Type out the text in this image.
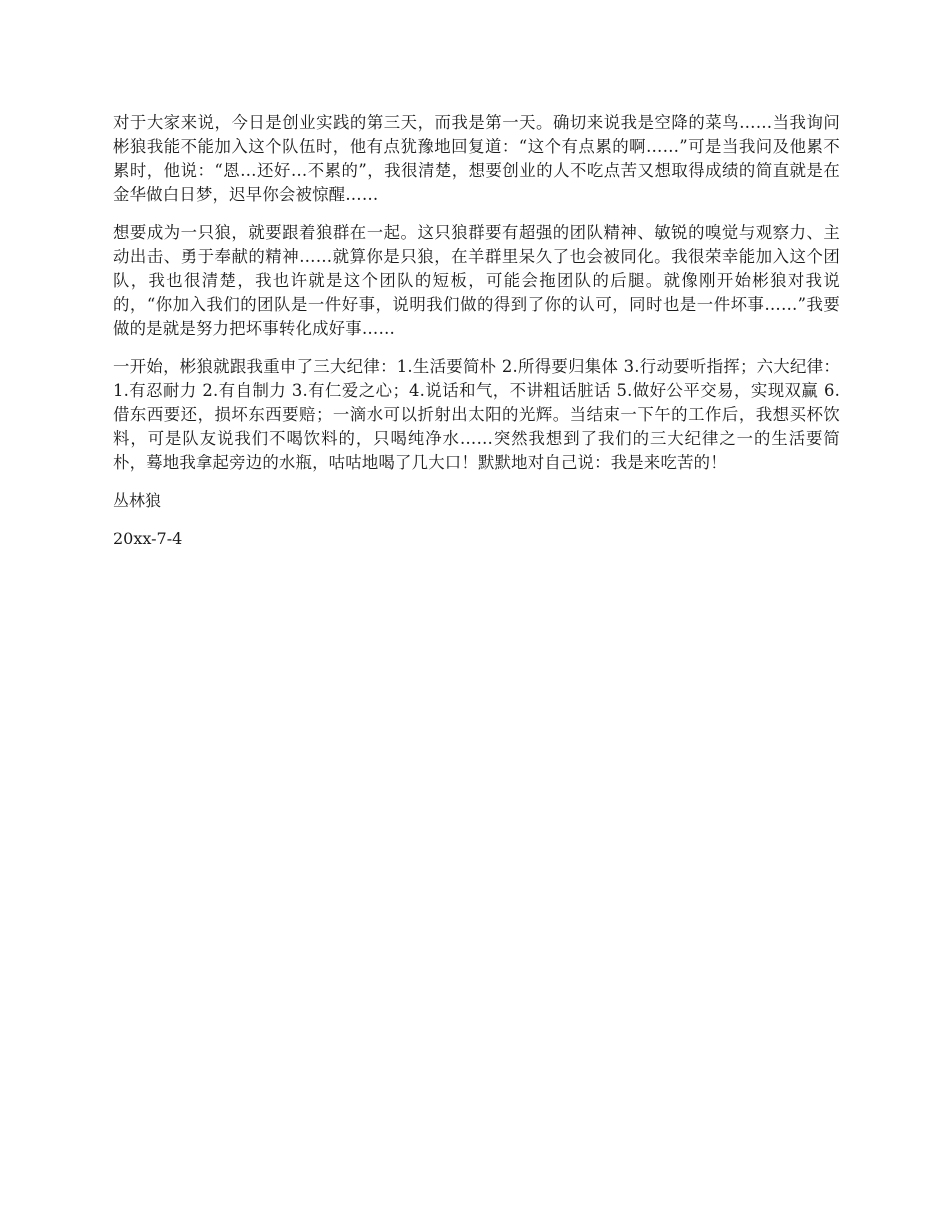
对于大家来说，今日是创业实践的第三天，而我是第一天。确切来说我是空降的菜鸟……当我询问彬狼我能不能加入这个队伍时，他有点犹豫地回复道：“这个有点累的啊……”可是当我问及他累不累时，他说：“恩…还好…不累的”，我很清楚，想要创业的人不吃点苦又想取得成绩的简直就是在金华做白日梦，迟早你会被惊醒……

想要成为一只狼，就要跟着狼群在一起。这只狼群要有超强的团队精神、敏锐的嗅觉与观察力、主动出击、勇于奉献的精神……就算你是只狼，在羊群里呆久了也会被同化。我很荣幸能加入这个团队，我也很清楚，我也许就是这个团队的短板，可能会拖团队的后腿。就像刚开始彬狼对我说的，“你加入我们的团队是一件好事，说明我们做的得到了你的认可，同时也是一件坏事……”我要做的是就是努力把坏事转化成好事……

一开始，彬狼就跟我重申了三大纪律：1.生活要简朴 2.所得要归集体 3.行动要听指挥；六大纪律：1.有忍耐力 2.有自制力 3.有仁爱之心；4.说话和气，不讲粗话脏话 5.做好公平交易，实现双赢 6.借东西要还，损坏东西要赔；一滴水可以折射出太阳的光辉。当结束一下午的工作后，我想买杯饮料，可是队友说我们不喝饮料的，只喝纯净水……突然我想到了我们的三大纪律之一的生活要简朴，蓦地我拿起旁边的水瓶，咕咕地喝了几大口！默默地对自己说：我是来吃苦的！

丛林狼

20xx-7-4
